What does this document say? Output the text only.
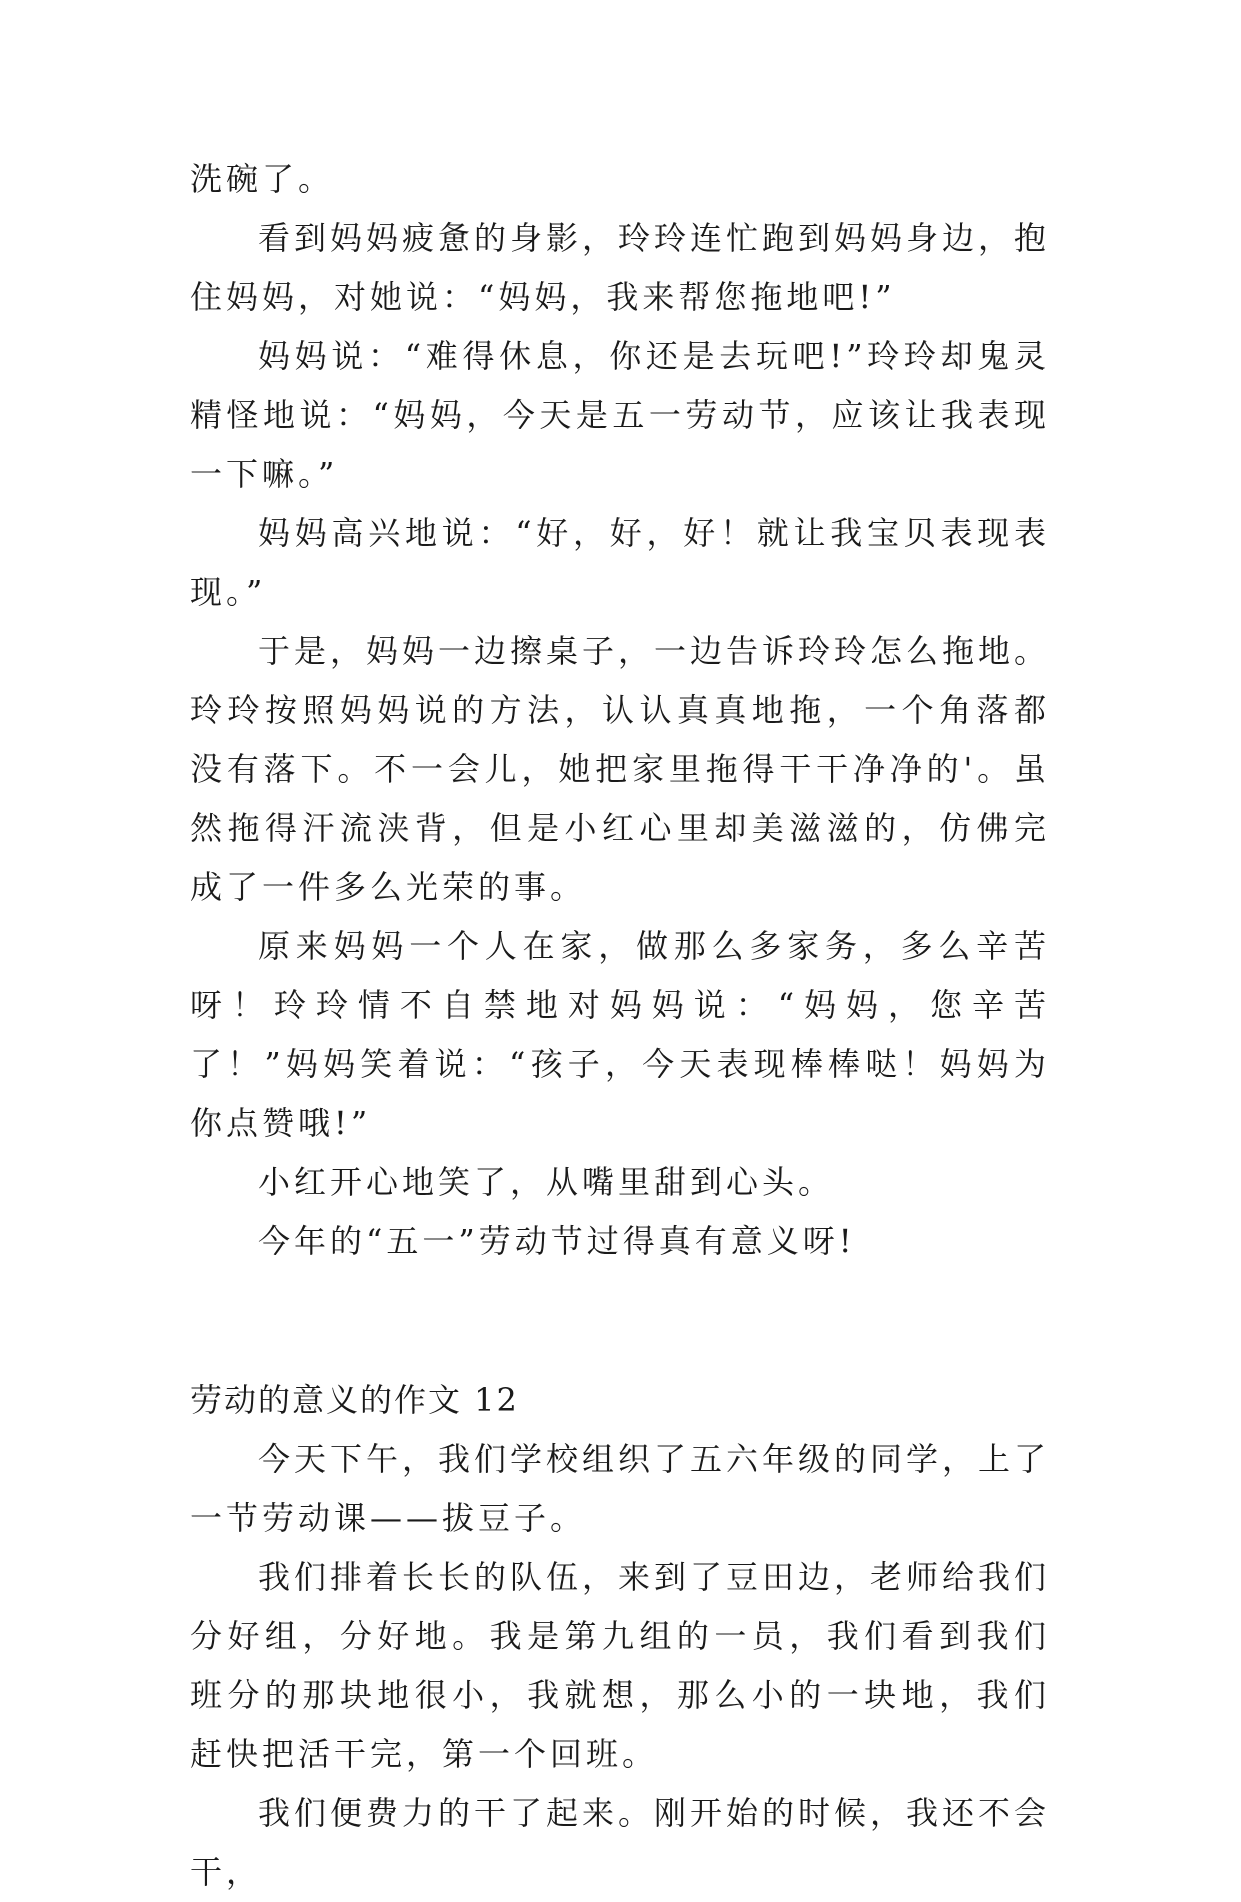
洗碗了。

看到妈妈疲惫的身影，玲玲连忙跑到妈妈身边，抱住妈妈，对她说：“妈妈，我来帮您拖地吧!”

妈妈说：“难得休息，你还是去玩吧!”玲玲却鬼灵精怪地说：“妈妈，今天是五一劳动节，应该让我表现一下嘛。”

妈妈高兴地说：“好，好，好！就让我宝贝表现表现。”

于是，妈妈一边擦桌子，一边告诉玲玲怎么拖地。玲玲按照妈妈说的方法，认认真真地拖，一个角落都没有落下。不一会儿，她把家里拖得干干净净的'。虽然拖得汗流浃背，但是小红心里却美滋滋的，仿佛完成了一件多么光荣的事。

原来妈妈一个人在家，做那么多家务，多么辛苦呀！玲玲情不自禁地对妈妈说：“妈妈，您辛苦了！”妈妈笑着说：“孩子，今天表现棒棒哒！妈妈为你点赞哦!”

小红开心地笑了，从嘴里甜到心头。

今年的“五一”劳动节过得真有意义呀!

劳动的意义的作文 12

今天下午，我们学校组织了五六年级的同学，上了一节劳动课——拔豆子。

我们排着长长的队伍，来到了豆田边，老师给我们分好组，分好地。我是第九组的一员，我们看到我们班分的那块地很小，我就想，那么小的一块地，我们赶快把活干完，第一个回班。

我们便费力的干了起来。刚开始的时候，我还不会干，
